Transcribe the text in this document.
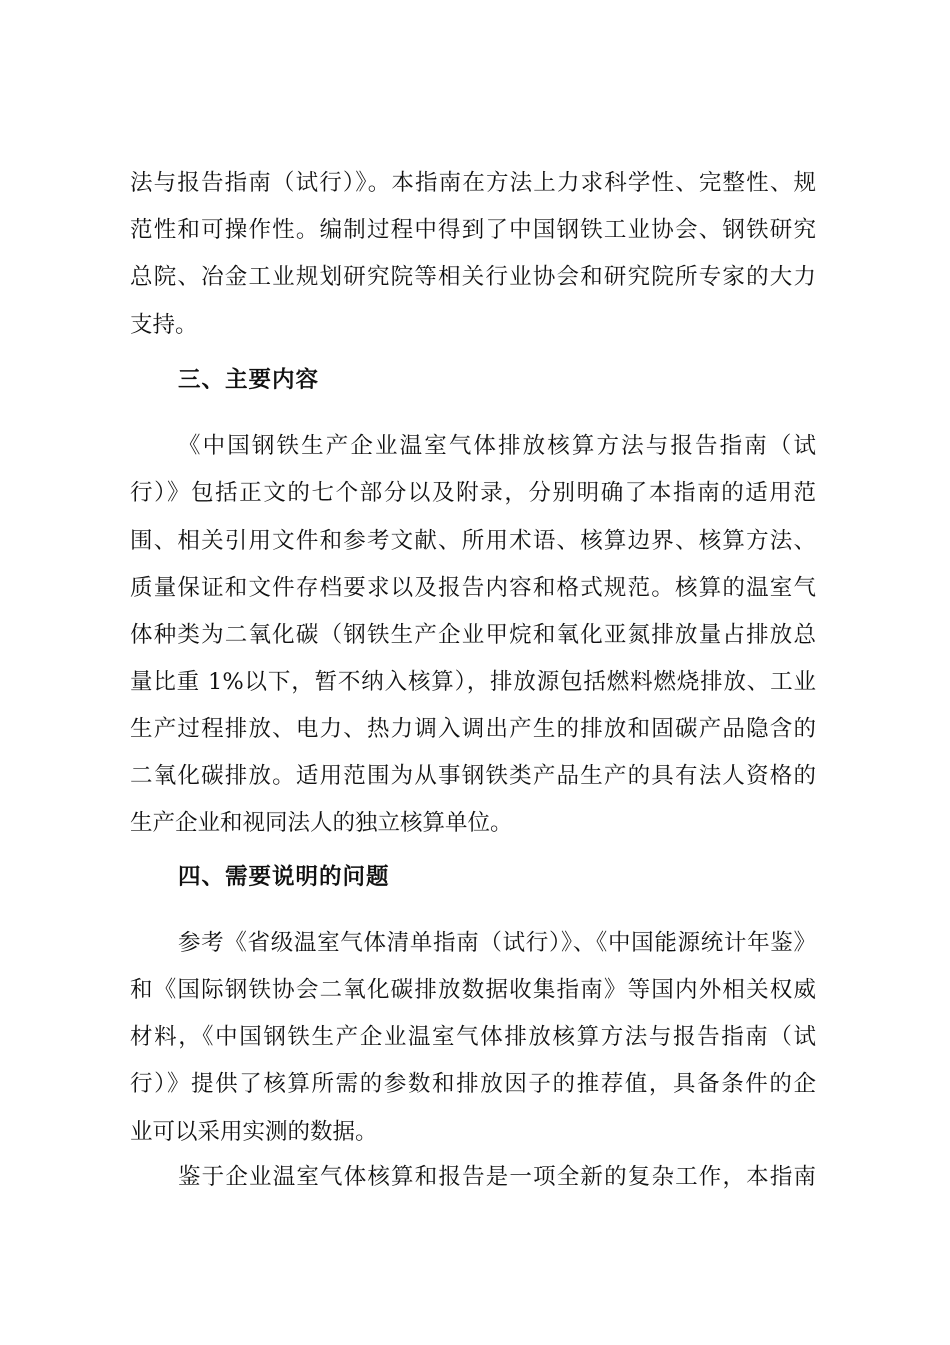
法与报告指南（试行）》。本指南在方法上力求科学性、完整性、规
范性和可操作性。编制过程中得到了中国钢铁工业协会、钢铁研究
总院、冶金工业规划研究院等相关行业协会和研究院所专家的大力
支持。
三、主要内容
《中国钢铁生产企业温室气体排放核算方法与报告指南（试
行）》包括正文的七个部分以及附录，分别明确了本指南的适用范
围、相关引用文件和参考文献、所用术语、核算边界、核算方法、
质量保证和文件存档要求以及报告内容和格式规范。核算的温室气
体种类为二氧化碳（钢铁生产企业甲烷和氧化亚氮排放量占排放总
量比重 1%以下，暂不纳入核算），排放源包括燃料燃烧排放、工业
生产过程排放、电力、热力调入调出产生的排放和固碳产品隐含的
二氧化碳排放。适用范围为从事钢铁类产品生产的具有法人资格的
生产企业和视同法人的独立核算单位。
四、需要说明的问题
参考《省级温室气体清单指南（试行）》、《中国能源统计年鉴》
和《国际钢铁协会二氧化碳排放数据收集指南》等国内外相关权威
材料，《中国钢铁生产企业温室气体排放核算方法与报告指南（试
行）》提供了核算所需的参数和排放因子的推荐值，具备条件的企
业可以采用实测的数据。
鉴于企业温室气体核算和报告是一项全新的复杂工作，本指南
